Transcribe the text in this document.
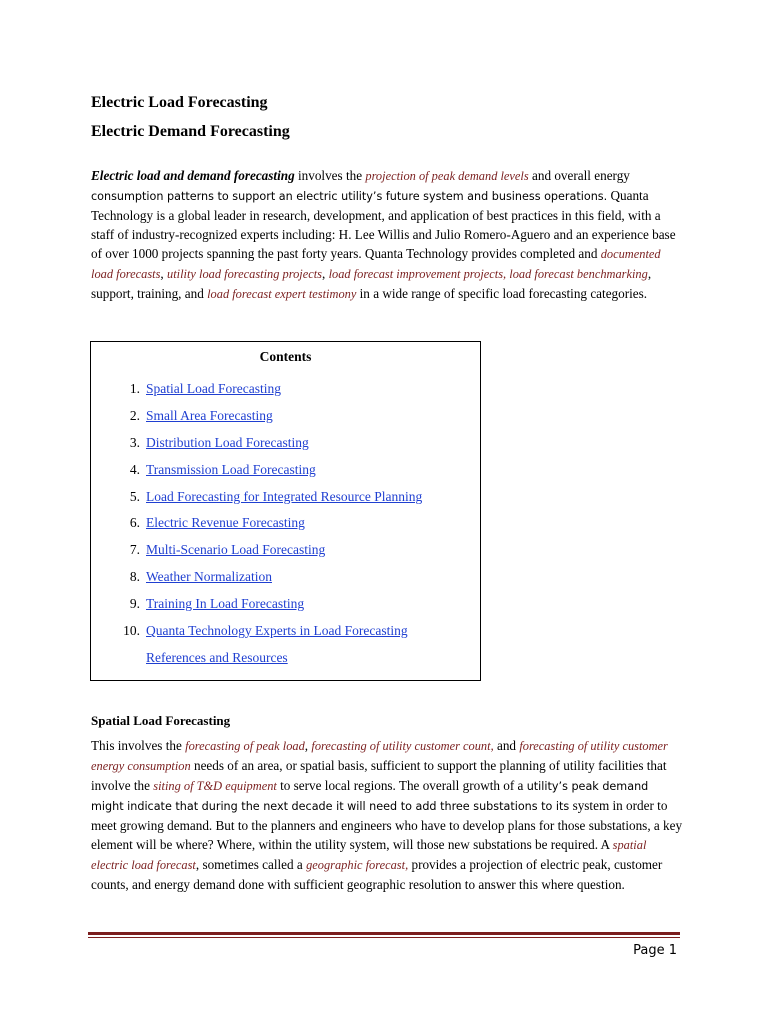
Electric Load Forecasting
Electric Demand Forecasting
Electric load and demand forecasting involves the projection of peak demand levels and overall energy consumption patterns to support an electric utility’s future system and business operations. Quanta Technology is a global leader in research, development, and application of best practices in this field, with a staff of industry-recognized experts including: H. Lee Willis and Julio Romero-Aguero and an experience base of over 1000 projects spanning the past forty years. Quanta Technology provides completed and documented load forecasts, utility load forecasting projects, load forecast improvement projects, load forecast benchmarking, support, training, and load forecast expert testimony in a wide range of specific load forecasting categories.
Contents
1. Spatial Load Forecasting
2. Small Area Forecasting
3. Distribution Load Forecasting
4. Transmission Load Forecasting
5. Load Forecasting for Integrated Resource Planning
6. Electric Revenue Forecasting
7. Multi-Scenario Load Forecasting
8. Weather Normalization
9. Training In Load Forecasting
10. Quanta Technology Experts in Load Forecasting
References and Resources
Spatial Load Forecasting
This involves the forecasting of peak load, forecasting of utility customer count, and forecasting of utility customer energy consumption needs of an area, or spatial basis, sufficient to support the planning of utility facilities that involve the siting of T&D equipment to serve local regions. The overall growth of a utility’s peak demand might indicate that during the next decade it will need to add three substations to its system in order to meet growing demand. But to the planners and engineers who have to develop plans for those substations, a key element will be where? Where, within the utility system, will those new substations be required. A spatial electric load forecast, sometimes called a geographic forecast, provides a projection of electric peak, customer counts, and energy demand done with sufficient geographic resolution to answer this where question.
Page 1
